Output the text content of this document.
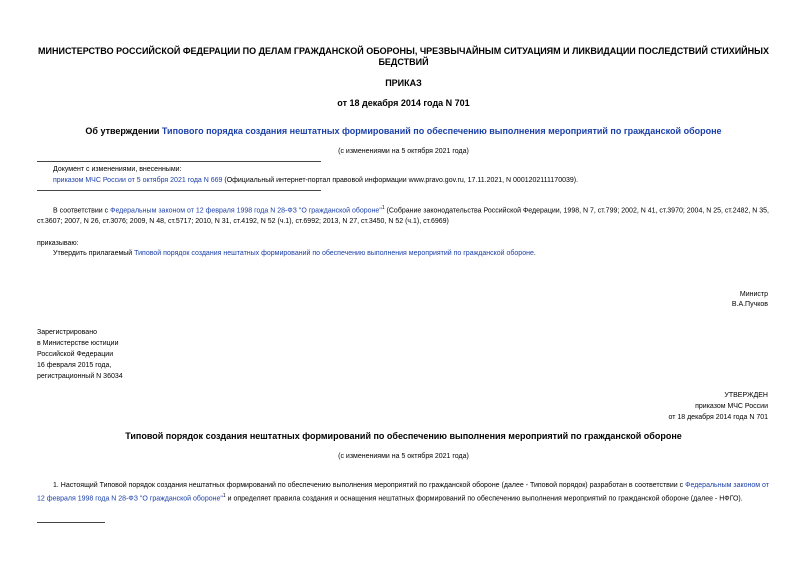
МИНИСТЕРСТВО РОССИЙСКОЙ ФЕДЕРАЦИИ ПО ДЕЛАМ ГРАЖДАНСКОЙ ОБОРОНЫ, ЧРЕЗВЫЧАЙНЫМ СИТУАЦИЯМ И ЛИКВИДАЦИИ ПОСЛЕДСТВИЙ СТИХИЙНЫХ БЕДСТВИЙ
ПРИКАЗ
от 18 декабря 2014 года N 701
Об утверждении Типового порядка создания нештатных формирований по обеспечению выполнения мероприятий по гражданской обороне
(с изменениями на 5 октября 2021 года)
Документ с изменениями, внесенными:
приказом МЧС России от 5 октября 2021 года N 669 (Официальный интернет-портал правовой информации www.pravo.gov.ru, 17.11.2021, N 0001202111170039).
В соответствии с Федеральным законом от 12 февраля 1998 года N 28-ФЗ "О гражданской обороне"$^1$ (Собрание законодательства Российской Федерации, 1998, N 7, ст.799; 2002, N 41, ст.3970; 2004, N 25, ст.2482, N 35, ст.3607; 2007, N 26, ст.3076; 2009, N 48, ст.5717; 2010, N 31, ст.4192, N 52 (ч.1), ст.6992; 2013, N 27, ст.3450, N 52 (ч.1), ст.6969)
приказываю:
Утвердить прилагаемый Типовой порядок создания нештатных формирований по обеспечению выполнения мероприятий по гражданской обороне.
Министр
В.А.Пучков
Зарегистрировано
в Министерстве юстиции
Российской Федерации
16 февраля 2015 года,
регистрационный N 36034
УТВЕРЖДЕН
приказом МЧС России
от 18 декабря 2014 года N 701
Типовой порядок создания нештатных формирований по обеспечению выполнения мероприятий по гражданской обороне
(с изменениями на 5 октября 2021 года)
1. Настоящий Типовой порядок создания нештатных формирований по обеспечению выполнения мероприятий по гражданской обороне (далее - Типовой порядок) разработан в соответствии с Федеральным законом от 12 февраля 1998 года N 28-ФЗ "О гражданской обороне"$^1$ и определяет правила создания и оснащения нештатных формирований по обеспечению выполнения мероприятий по гражданской обороне (далее - НФГО).
